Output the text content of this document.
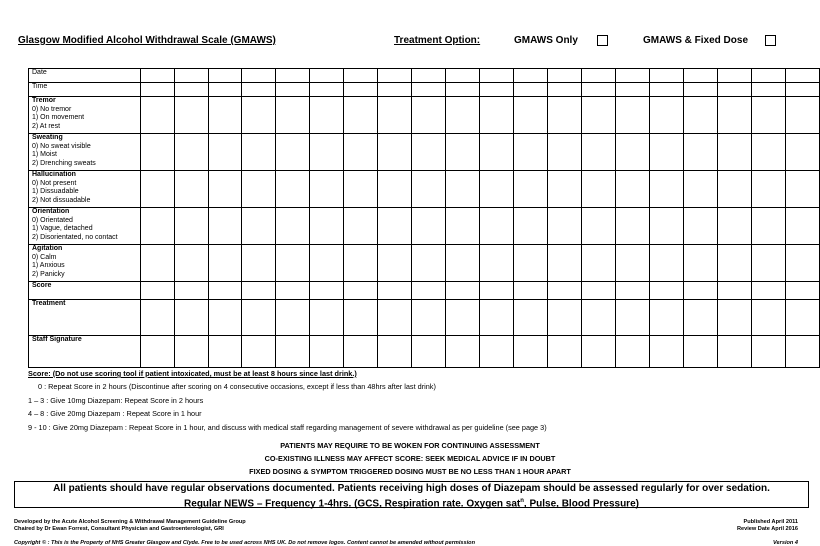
Glasgow Modified Alcohol Withdrawal Scale (GMAWS)	Treatment Option:	GMAWS Only	GMAWS & Fixed Dose
Date																				

Time																				

Tremor
0) No tremor
1) On movement
2) At rest																				

Sweating
0) No sweat visible
1) Moist
2) Drenching sweats																				

Hallucination
0) Not present
1) Dissuadable
2) Not dissuadable																				

Orientation
0) Orientated
1) Vague, detached
2) Disorientated, no contact																				

Agitation
0) Calm
1) Anxious
2) Panicky																				

Score																				

Treatment																				

Staff Signature																				

Score: (Do not use scoring tool if patient intoxicated, must be at least 8 hours since last drink.)
0 : Repeat Score in 2 hours (Discontinue after scoring on 4 consecutive occasions, except if less than 48hrs after last drink)
1 – 3 : Give 10mg Diazepam: Repeat Score in 2 hours
4 – 8 : Give 20mg Diazepam : Repeat Score in 1 hour
9 - 10 : Give 20mg Diazepam : Repeat Score in 1 hour, and discuss with medical staff regarding management of severe withdrawal as per guideline (see page 3)
PATIENTS MAY REQUIRE TO BE WOKEN FOR CONTINUING ASSESSMENT
CO-EXISTING ILLNESS MAY AFFECT SCORE: SEEK MEDICAL ADVICE IF IN DOUBT
FIXED DOSING & SYMPTOM TRIGGERED DOSING MUST BE NO LESS THAN 1 HOUR APART
All patients should have regular observations documented. Patients receiving high doses of Diazepam should be assessed regularly for over sedation.
Regular NEWS – Frequency 1-4hrs. (GCS, Respiration rate. Oxygen sat$^n$, Pulse, Blood Pressure)
Developed by the Acute Alcohol Screening & Withdrawal Management Guideline Group
Chaired by Dr Ewan Forrest, Consultant Physician and Gastroenterologist, GRI
Published April 2011
Review Date April 2016
Copyright © : This is the Property of NHS Greater Glasgow and Clyde. Free to be used across NHS UK. Do not remove logos. Content cannot be amended without permission	Version 4
